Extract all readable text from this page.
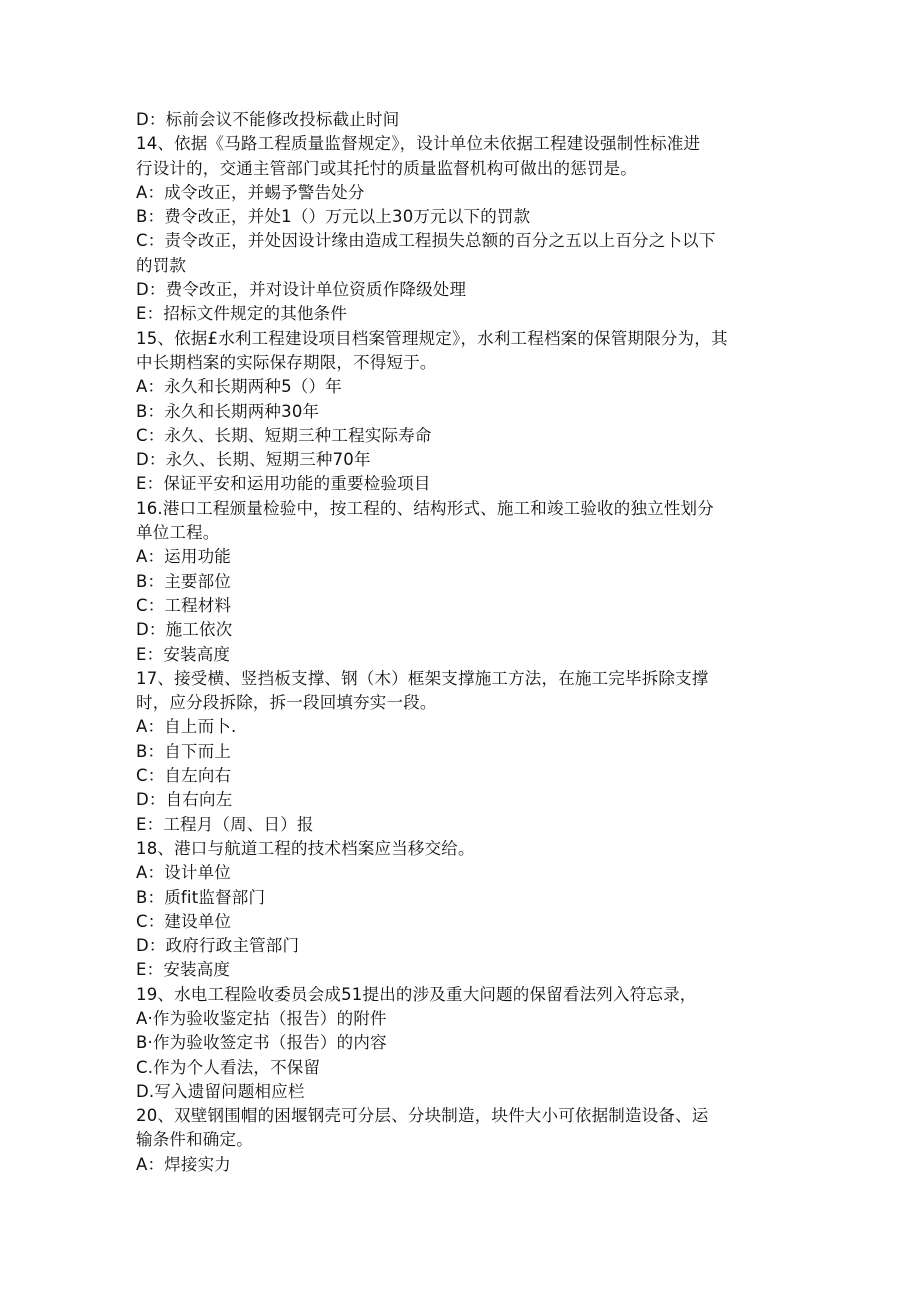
D：标前会议不能修改投标截止时间
14、依据《马路工程质量监督规定》，设计单位未依据工程建设强制性标准进
行设计的，交通主管部门或其托忖的质量监督机构可做出的惩罚是。
A：成令改正，并蜴予警告处分
B：费令改正，并处1（）万元以上30万元以下的罚款
C：责令改正，并处因设计缘由造成工程损失总额的百分之五以上百分之卜以下
的罚款
D：费令改正，并对设计单位资质作降级处理
E：招标文件规定的其他条件
15、依据£水利工程建设项目档案管理规定》，水利工程档案的保管期限分为，其
中长期档案的实际保存期限，不得短于。
A：永久和长期两种5（）年
B：永久和长期两种30年
C：永久、长期、短期三种工程实际寿命
D：永久、长期、短期三种70年
E：保证平安和运用功能的重要检验项目
16.港口工程颁量检验中，按工程的、结构形式、施工和竣工验收的独立性划分
单位工程。
A：运用功能
B：主要部位
C：工程材料
D：施工依次
E：安装高度
17、接受横、竖挡板支撑、钢（木）框架支撑施工方法，在施工完毕拆除支撑
时，应分段拆除，拆一段回填夯实一段。
A：自上而卜.
B：自下而上
C：自左向右
D：自右向左
E：工程月（周、日）报
18、港口与航道工程的技术档案应当移交给。
A：设计单位
B：质fit监督部门
C：建设单位
D：政府行政主管部门
E：安装高度
19、水电工程险收委员会成51提出的涉及重大问题的保留看法列入符忘录，
A·作为验收鉴定拈（报告）的附件
B·作为验收签定书（报告）的内容
C.作为个人看法，不保留
D.写入遗留问题相应栏
20、双壁钢围帽的困堰钢壳可分层、分块制造，块件大小可依据制造设备、运
输条件和确定。
A：焊接实力
